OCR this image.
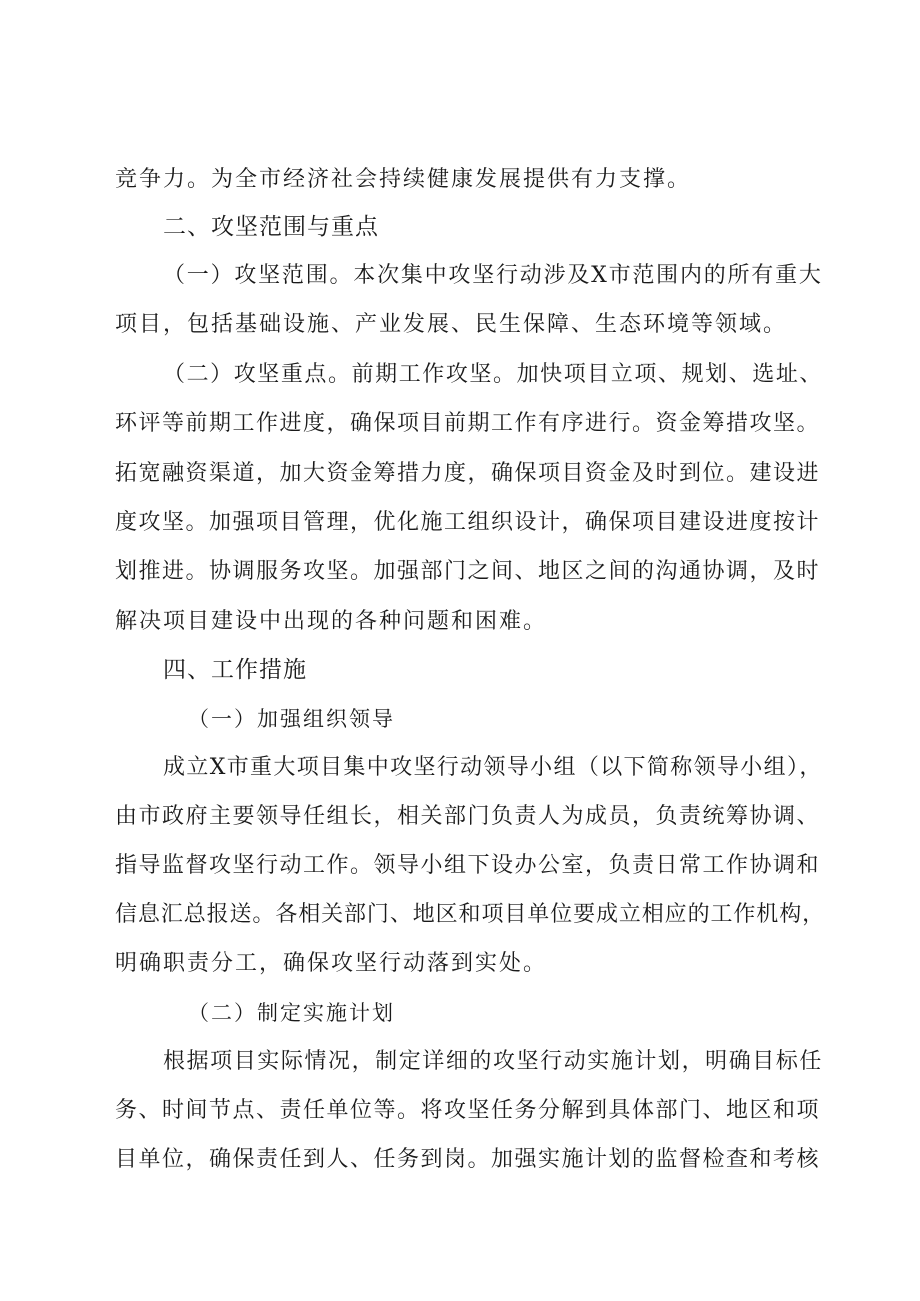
竞争力。为全市经济社会持续健康发展提供有力支撑。
二、攻坚范围与重点
（一）攻坚范围。本次集中攻坚行动涉及X市范围内的所有重大
项目，包括基础设施、产业发展、民生保障、生态环境等领域。
（二）攻坚重点。前期工作攻坚。加快项目立项、规划、选址、
环评等前期工作进度，确保项目前期工作有序进行。资金筹措攻坚。
拓宽融资渠道，加大资金筹措力度，确保项目资金及时到位。建设进
度攻坚。加强项目管理，优化施工组织设计，确保项目建设进度按计
划推进。协调服务攻坚。加强部门之间、地区之间的沟通协调，及时
解决项目建设中出现的各种问题和困难。
四、工作措施
（一）加强组织领导
成立X市重大项目集中攻坚行动领导小组（以下简称领导小组），
由市政府主要领导任组长，相关部门负责人为成员，负责统筹协调、
指导监督攻坚行动工作。领导小组下设办公室，负责日常工作协调和
信息汇总报送。各相关部门、地区和项目单位要成立相应的工作机构，
明确职责分工，确保攻坚行动落到实处。
（二）制定实施计划
根据项目实际情况，制定详细的攻坚行动实施计划，明确目标任
务、时间节点、责任单位等。将攻坚任务分解到具体部门、地区和项
目单位，确保责任到人、任务到岗。加强实施计划的监督检查和考核
